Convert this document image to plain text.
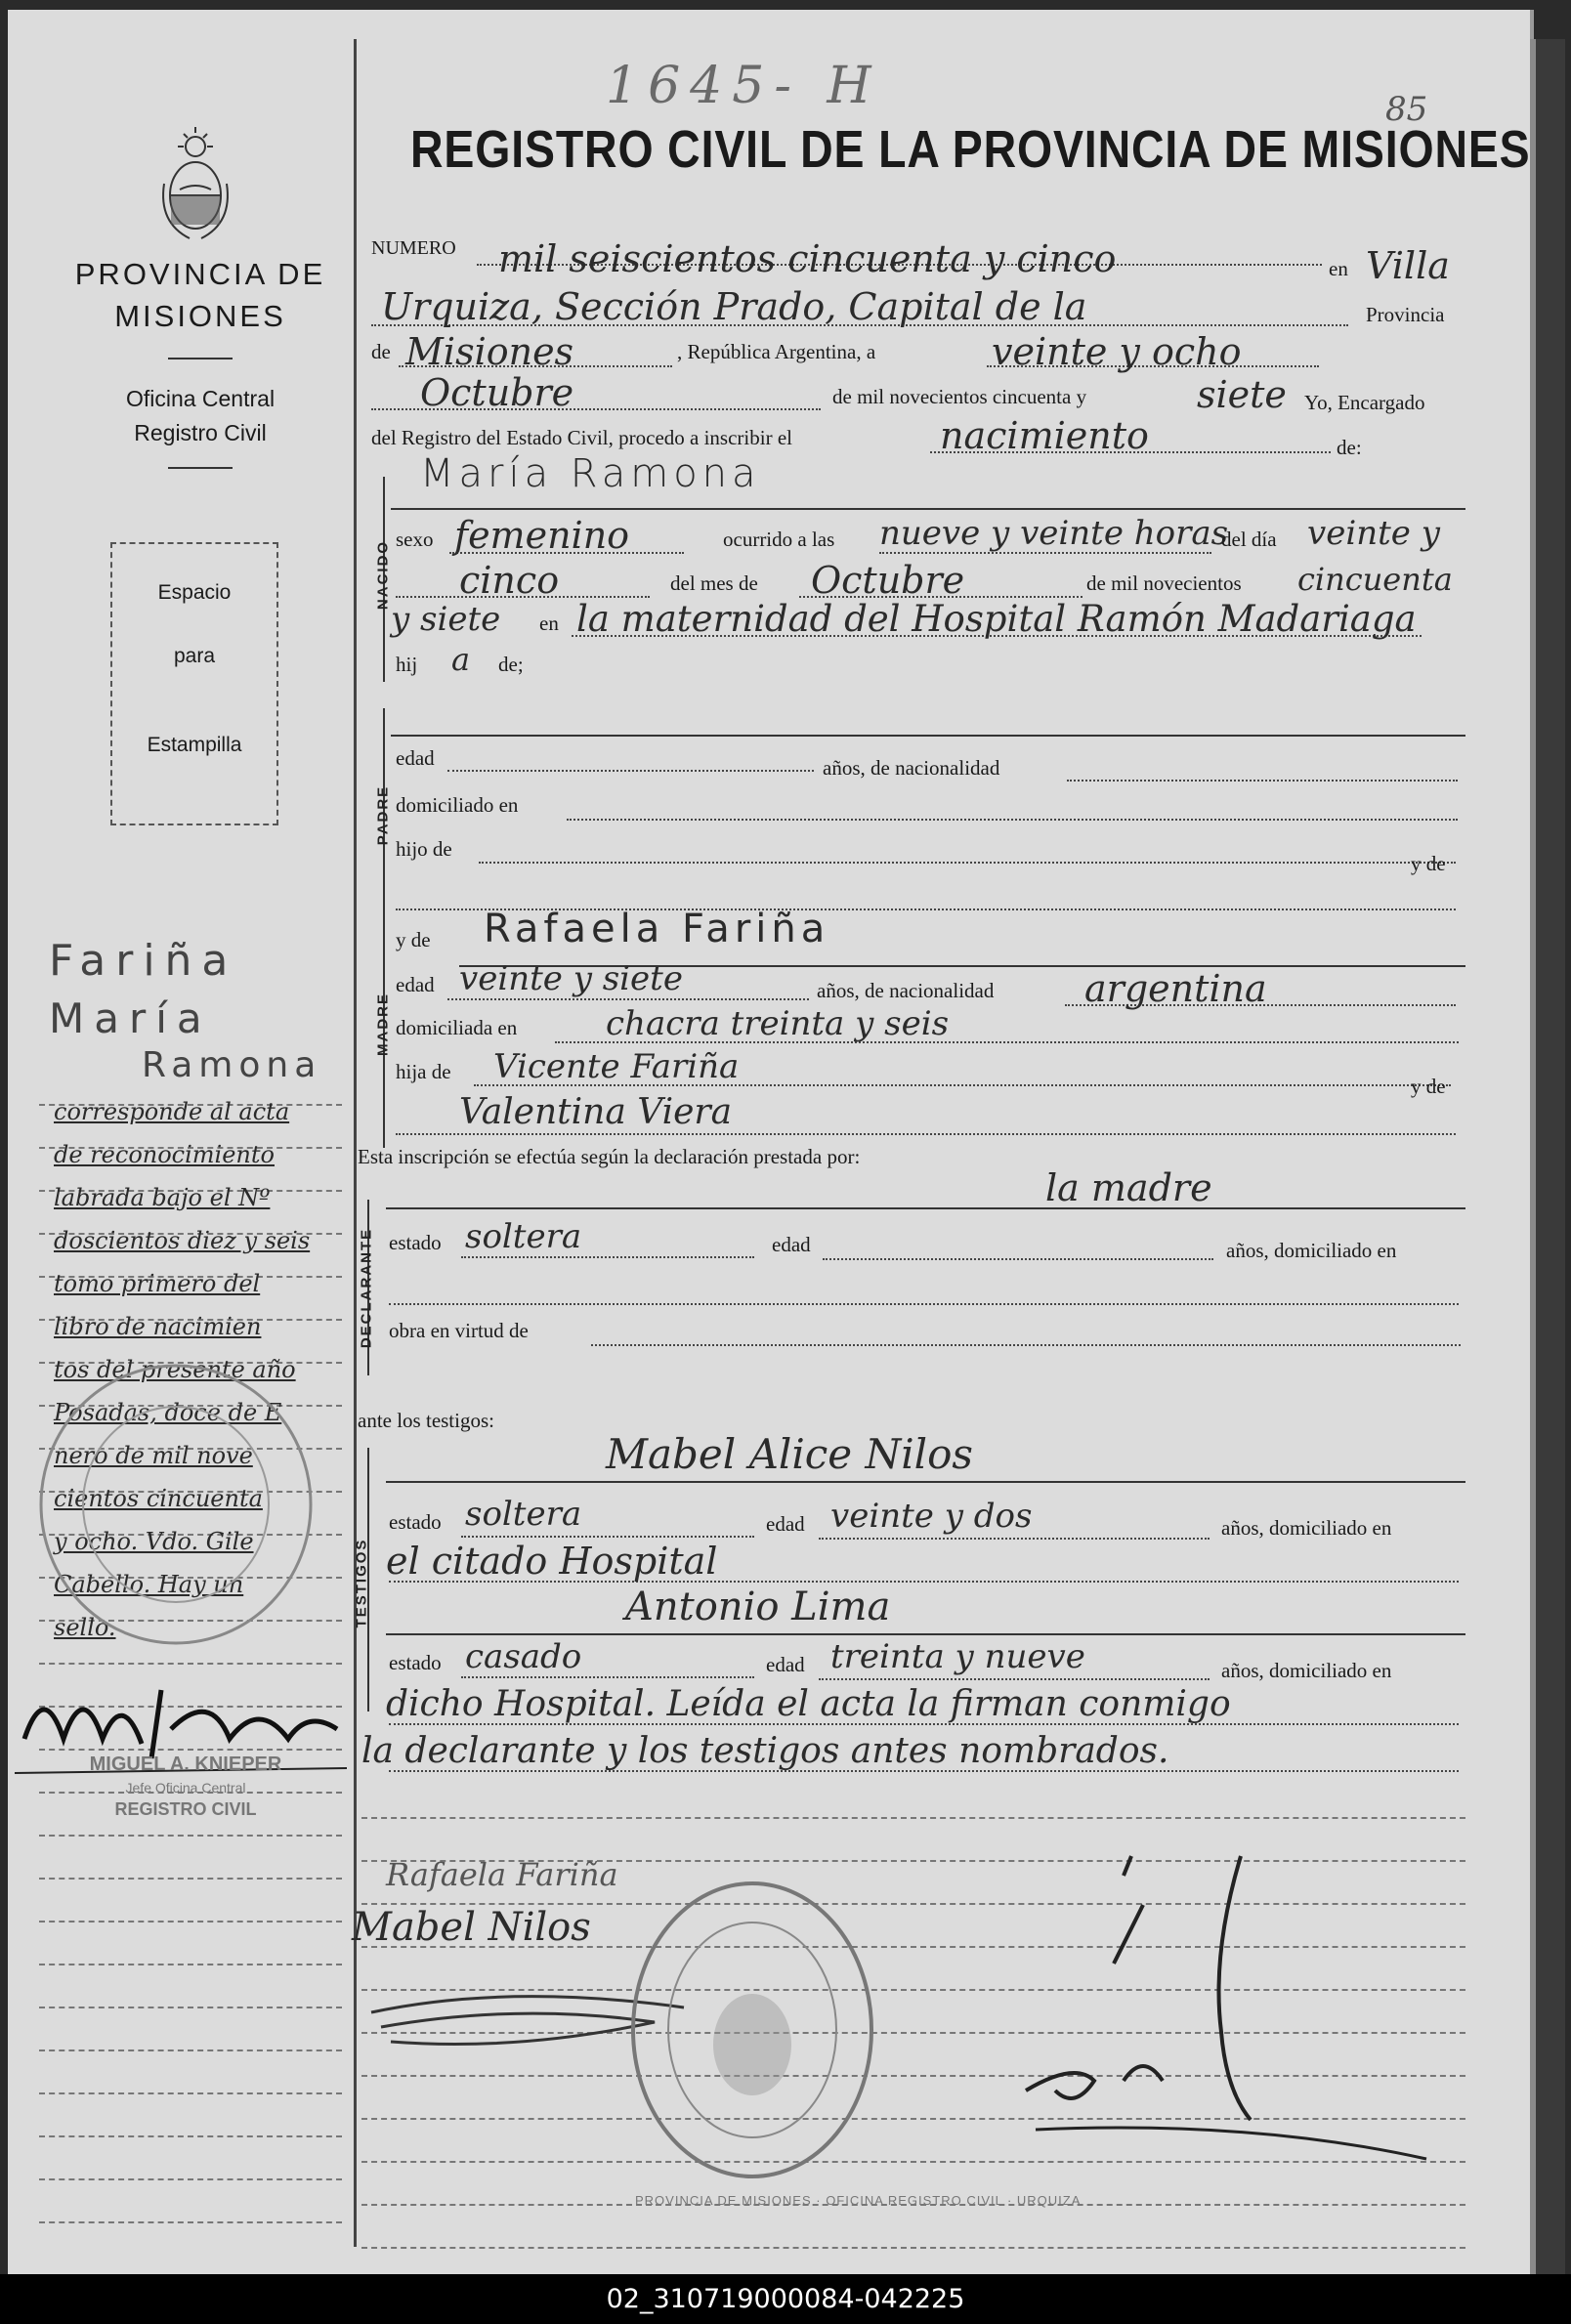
1645- H	85
PROVINCIA DE
MISIONES
Oficina Central
Registro Civil
Espacio
para
Estampilla
REGISTRO CIVIL DE LA PROVINCIA DE MISIONES
NUMERO mil seiscientos cincuenta y cinco	en Villa
Urquiza, Sección Prado, Capital de la	Provincia
de Misiones	, República Argentina, a	veinte y ocho
Octubre	de mil novecientos cincuenta y	siete Yo, Encargado
del Registro del Estado Civil, procedo a inscribir el	nacimiento	de:
NACIDO
María Ramona
sexo femenino	ocurrido a las nueve y veinte horas
del día veinte y
cinco	del mes de Octubre	de mil novecientos cincuenta
y siete en la maternidad del Hospital Ramón Madariaga
hij a de;
PADRE
edad	años, de nacionalidad
domiciliado en
hijo de
y de
MADRE
y de Rafaela Fariña
edad veinte y siete	años, de nacionalidad argentina
domiciliada en	chacra treinta y seis
hija de Vicente Fariña	y de
Valentina Viera
Esta inscripción se efectúa según la declaración prestada por:
la madre
DECLARANTE estado soltera	edad	años, domiciliado en
obra en virtud de
ante los testigos:
TESTIGOS
Mabel Alice Nilos
estado soltera	edad veinte y dos	años, domiciliado en
el citado Hospital
Antonio Lima
estado casado	edad treinta y nueve	años, domiciliado en
dicho Hospital. Leída el acta la firman conmigo
la declarante y los testigos antes nombrados.
Rafaela Fariña
Mabel Nilos
PROVINCIA DE MISIONES · OFICINA REGISTRO CIVIL · URQUIZA
Fariña
María
Ramona
corresponde al acta
de reconocimiento
labrada bajo el Nº
doscientos diez y seis
tomo primero del
libro de nacimien
tos del presente año
Posadas, doce de E
nero de mil nove
cientos cincuenta
y ocho. Vdo. Gile
Cabello. Hay un
sello.
MIGUEL A. KNIEPER
Jefe Oficina Central
REGISTRO CIVIL
02_310719000084-042225
